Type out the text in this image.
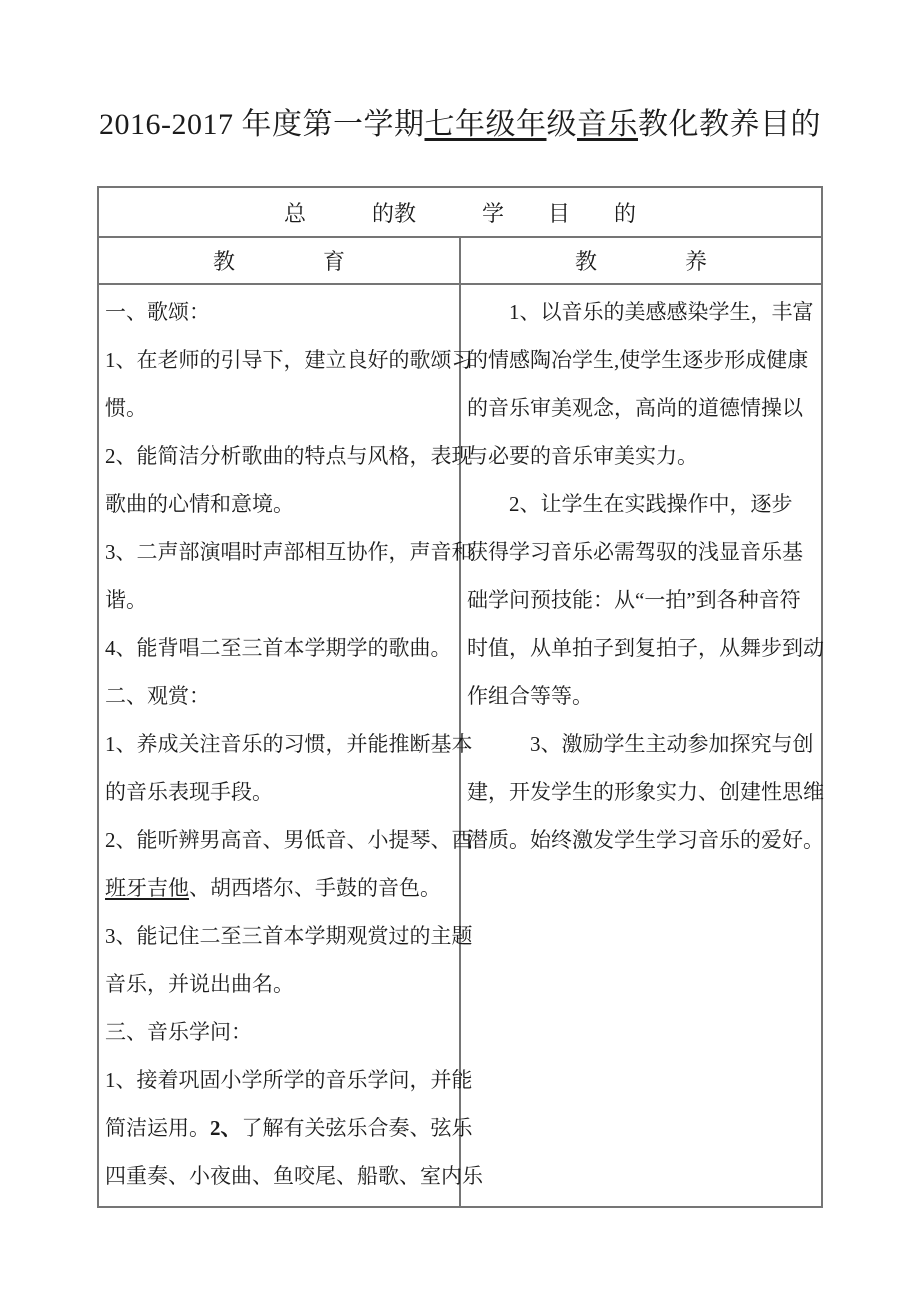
2016-2017 年度第一学期七年级年级音乐教化教养目的
总　　　的教　　　学　　目　　的	
教　　　　育	教　　　　养

一、歌颂：
1、在老师的引导下，建立良好的歌颂习
惯。
2、能简洁分析歌曲的特点与风格，表现
歌曲的心情和意境。
3、二声部演唱时声部相互协作，声音和
谐。
4、能背唱二至三首本学期学的歌曲。
二、观赏：
1、养成关注音乐的习惯，并能推断基本
的音乐表现手段。
2、能听辨男高音、男低音、小提琴、酉
班牙吉他、胡西塔尔、手鼓的音色。
3、能记住二至三首本学期观赏过的主题
音乐，并说出曲名。
三、音乐学问：
1、接着巩固小学所学的音乐学问，并能
简洁运用。2、了解有关弦乐合奏、弦乐
四重奏、小夜曲、鱼咬尾、船歌、室内乐

　　1、以音乐的美感感染学生，丰富
的情感陶冶学生,使学生逐步形成健康
的音乐审美观念，高尚的道德情操以
与必要的音乐审美实力。
　　2、让学生在实践操作中，逐步
获得学习音乐必需驾驭的浅显音乐基
础学问预技能：从“一拍”到各种音符
时值，从单拍子到复拍子，从舞步到动
作组合等等。
　　　3、激励学生主动参加探究与创
建，开发学生的形象实力、创建性思维
潜质。始终激发学生学习音乐的爱好。
